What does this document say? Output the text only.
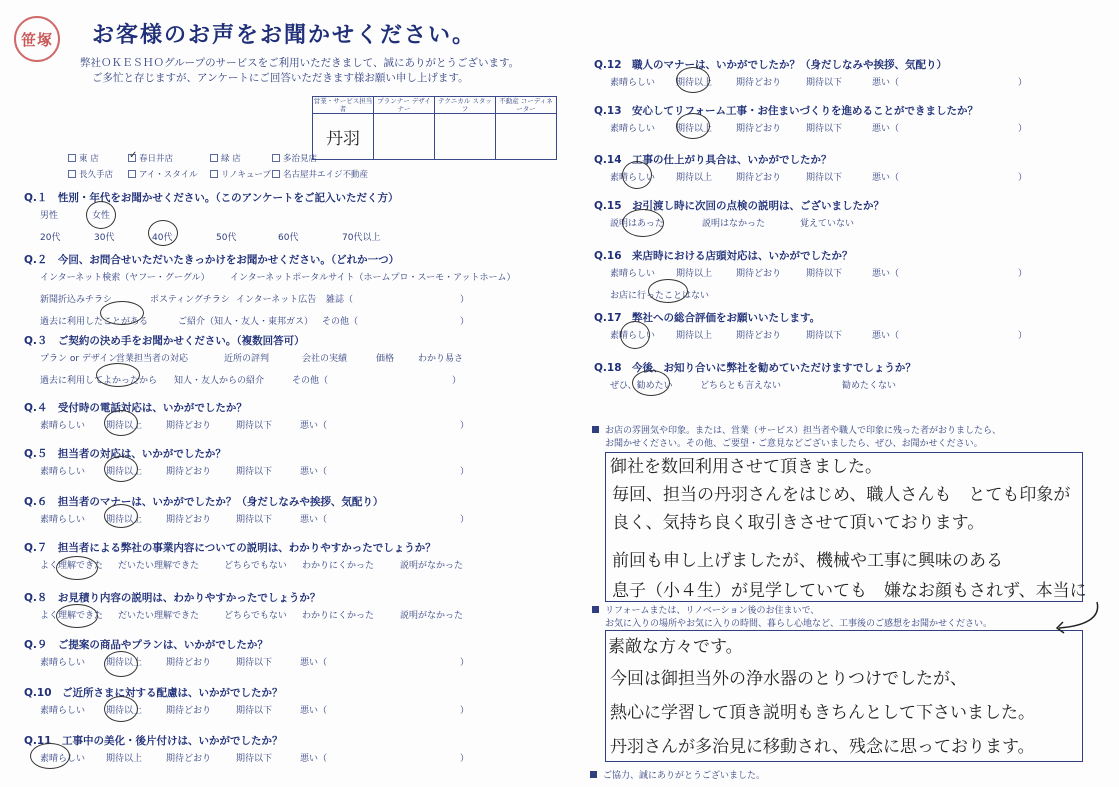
笹塚	お客様のお声をお聞かせください。
弊社ＯＫＥＳＨＯグループのサービスをご利用いただきまして、誠にありがとうございます。
ご多忙と存じますが、アンケートにご回答いただきます様お願い申し上げます。
営業・サービス担当者	プランナー デザイナー	テクニカル スタッフ	不動産 コーディネーター
丹羽			
東 店 ✓	春日井店	緑 店	多治見店
長久手店	アイ・スタイル	リノキューブ	名古屋井エイジ不動産
Q.１　性別・年代をお聞かせください。（このアンケートをご記入いただく方）
男性	女性
20代	30代	40代	50代	60代	70代以上
Q.２　今回、お問合せいただいたきっかけをお聞かせください。（どれか一つ）
インターネット検索（ヤフー・グーグル） インターネットポータルサイト（ホームプロ・スーモ・アットホーム）
新聞折込みチラシ	ポスティングチラシ インターネット広告 雑誌（	）
過去に利用したことがある	ご紹介（知人・友人・東邦ガス） その他（	）
Q.３　ご契約の決め手をお聞かせください。（複数回答可）
プラン or デザイン
営業担当者の対応	近所の評判	会社の実績	価格	わかり易さ
過去に利用してよかったから 知人・友人からの紹介	その他（	）
Q.４　受付時の電話対応は、いかがでしたか？
素晴らしい 期待以上	期待どおり	期待以下	悪い（	）
Q.５　担当者の対応は、いかがでしたか？
素晴らしい 期待以上	期待どおり	期待以下	悪い（	）
Q.６　担当者のマナーは、いかがでしたか？（身だしなみや挨拶、気配り）
素晴らしい 期待以上	期待どおり	期待以下	悪い（	）
Q.７　担当者による弊社の事業内容についての説明は、わかりやすかったでしょうか？
よく理解できた だいたい理解できた	どちらでもない わかりにくかった	説明がなかった
Q.８　お見積り内容の説明は、わかりやすかったでしょうか？
よく理解できた だいたい理解できた	どちらでもない わかりにくかった	説明がなかった
Q.９　ご提案の商品やプランは、いかがでしたか？
素晴らしい 期待以上	期待どおり	期待以下	悪い（	）
Q.10　ご近所さまに対する配慮は、いかがでしたか？
素晴らしい 期待以上	期待どおり	期待以下	悪い（	）
Q.11　工事中の美化・後片付けは、いかがでしたか？
素晴らしい 期待以上	期待どおり	期待以下	悪い（	）
Q.12　職人のマナーは、いかがでしたか？（身だしなみや挨拶、気配り）
素晴らしい 期待以上	期待どおり	期待以下	悪い（	）
Q.13　安心してリフォーム工事・お住まいづくりを進めることができましたか？
素晴らしい 期待以上	期待どおり	期待以下	悪い（	）
Q.14　工事の仕上がり具合は、いかがでしたか？
素晴らしい 期待以上	期待どおり	期待以下	悪い（	）
Q.15　お引渡し時に次回の点検の説明は、ございましたか？
説明はあった	説明はなかった	覚えていない
Q.16　来店時における店頭対応は、いかがでしたか？
素晴らしい 期待以上	期待どおり	期待以下	悪い（	）
お店に行ったことはない
Q.17　弊社への総合評価をお願いいたします。
素晴らしい 期待以上	期待どおり	期待以下	悪い（	）
Q.18　今後、お知り合いに弊社を勧めていただけますでしょうか？
ぜひ、勧めたい	どちらとも言えない	勧めたくない
お店の雰囲気や印象。または、営業（サービス）担当者や職人で印象に残った者がおりましたら、
お聞かせください。その他、ご要望・ご意見などございましたら、ぜひ、お聞かせください。
御社を数回利用させて頂きました。
毎回、担当の丹羽さんをはじめ、職人さんも　とても印象が
良く、気持ち良く取引きさせて頂いております。
前回も申し上げましたが、機械や工事に興味のある
息子（小４生）が見学していても　嫌なお顔もされず、本当に
リフォームまたは、リノベーション後のお住まいで、
お気に入りの場所やお気に入りの時間、暮らし心地など、工事後のご感想をお聞かせください。
素敵な方々です。
今回は御担当外の浄水器のとりつけでしたが、
熱心に学習して頂き説明もきちんとして下さいました。
丹羽さんが多治見に移動され、残念に思っております。
ご協力、誠にありがとうございました。
